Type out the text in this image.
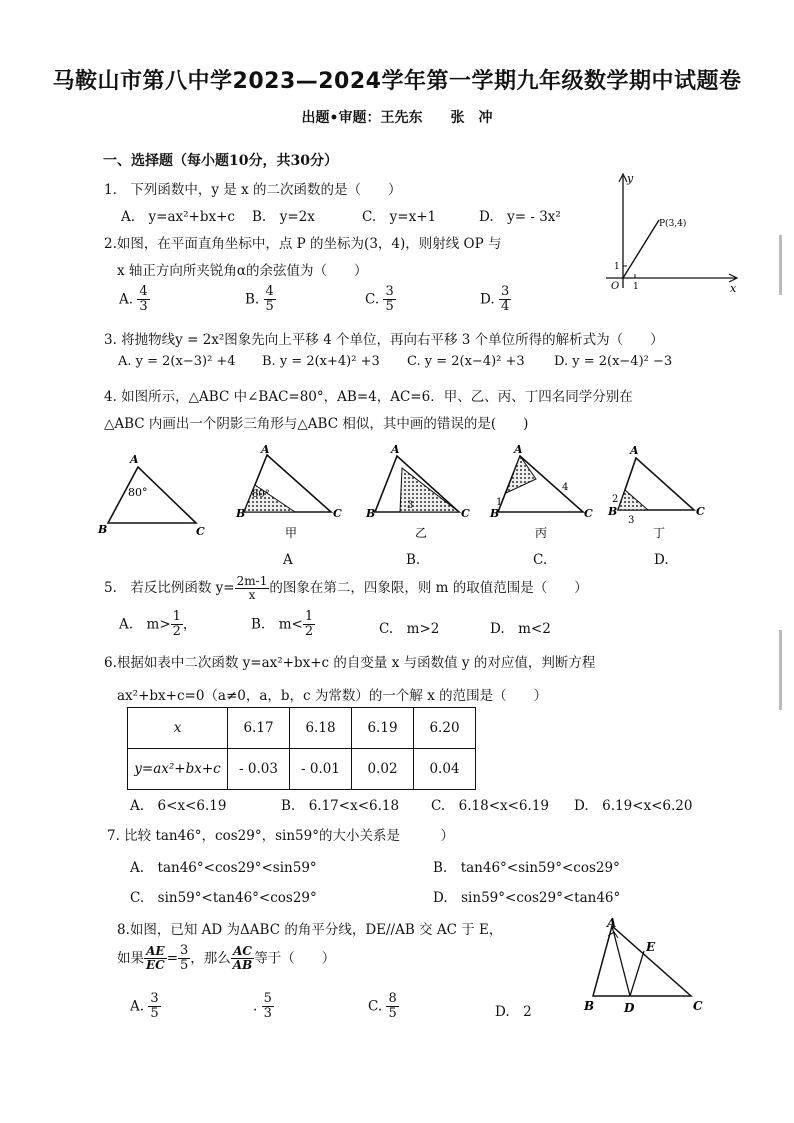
马鞍山市第八中学2023—2024学年第一学期九年级数学期中试题卷
出题•审题：王先东　　张　冲
一、选择题（每小题10分，共30分）
1.　下列函数中，y 是 x 的二次函数的是（　　）
A.　y=ax²+bx+c B.　y=2x	C.　y=x+1	D.　y= - 3x²
y
x
P(3,4)
O 1
1
2.如图，在平面直角坐标中，点 P 的坐标为(3，4)，则射线 OP 与
x 轴正方向所夹锐角α的余弦值为（　　）
A. $\frac{4}{3}$	B. $\frac{4}{5}$	C. $\frac{3}{5}$	D. $\frac{3}{4}$
3. 将抛物线y = 2x²图象先向上平移 4 个单位，再向右平移 3 个单位所得的解析式为（　　）
A. y = 2(x−3)² +4 B. y = 2(x+4)² +3 C. y = 2(x−4)² +3 D. y = 2(x−4)² −3
4. 如图所示，△ABC 中∠BAC=80°，AB=4，AC=6．甲、乙、丙、丁四名同学分别在
△ABC 内画出一个阴影三角形与△ABC 相似，其中画的错误的是(　　)
A
B	C
80°
A
B	C
80°
甲
A
B	C
3
乙
A
B	C
1
4
丙
A
B	C
2
3
丁
A	B.	C.	D.
5.　若反比例函数 $y= \frac{2m-1}{x}$ 的图象在第二，四象限，则 m 的取值范围是（　　）
A.　$m> \frac{1}{2}$ ，	B.　$m< \frac{1}{2}$	C.　m>2	D.　m<2
6.根据如表中二次函数 y=ax²+bx+c 的自变量 x 与函数值 y 的对应值，判断方程
ax²+bx+c=0（a≠0，a，b，c 为常数）的一个解 x 的范围是（　　）
x	6.17	6.18	6.19	6.20
y=ax²+bx+c	- 0.03	- 0.01	0.02	0.04
A.　6<x<6.19	B.　6.17<x<6.18 C.　6.18<x<6.19 D.　6.19<x<6.20
7. 比较 tan46°，cos29°，sin59°的大小关系是　　　）
A.　tan46°<cos29°<sin59°	B.　tan46°<sin59°<cos29°
C.　sin59°<tan46°<cos29°	D.　sin59°<cos29°<tan46°
8.如图，已知 AD 为ΔABC 的角平分线，DE//AB 交 AC 于 E，
如果 $\frac{AE}{EC} = \frac{3}{5}$ ，那么 $\frac{AC}{AB}$ 等于（　　）
A. $\frac{3}{5}$	. $\frac{5}{3}$	C. $\frac{8}{5}$	D.　2
A
B	C
D
E
